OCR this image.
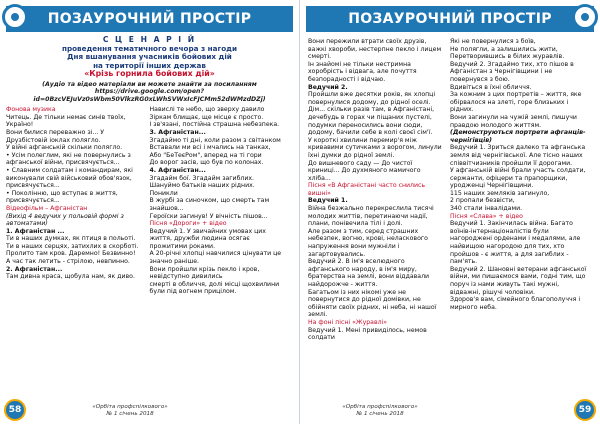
ПОЗАУРОЧНИЙ ПРОСТІР
С Ц Е Н А Р І Й
проведення тематичного вечора з нагоди
Дня вшанування учасників бойових дій
на території інших держав
«Крізь горнила бойових дій»
(Аудіо та відео матеріали ви можете знайти за посиланням
https://drive.google.com/open?id=0BzcVEJuVz0sWbm50VlkzRG0xLWhSVWxIcFJCMm52dWMzdDZj)

Фонова музика

Читець. Де тільки немає синів твоїх, Україно!

Вони билися переважно зі... У Друзбістовій іоклах полягло.

У війні афганській скільки полягло.

• Усім полеглим, які не повернулись з афганської війни, присвячується...

• Славним солдатам і командирам, які виконували свій військовий обов'язок, присвячується...

• Поколінню, що вступає в життя, присвячується...

Відеофільм – Афганістан

(Вихід 4 ведучих у польовій формі з автоматами)

1. Афганістан ...

Ти в наших думках, як птиця в польоті.

Ти в наших серцях, затихлих в скорботі.

Пролито там кров. Даремно! Безвинно!

А час так летить - стрілою, невпинно.

2. Афганістан...

Там дивна краса, щобула нам, як диво.

Навислі те небо, що зверху давило

Зіркам блищає, ще місце є просто.

І зв'язані, постійна страшна небезпека.

3. Афганістан...

Згадаймо ті дні, коли разом з світанком

Вставали ми всі і мчались на танках,

Або "БеТеєРом", вперед на ті гори

До ворог засів, що був по колонах.

4. Афганістан...

Згадайм бої. Згадайм загиблих.

Шануймо батьків наших рідних.

Поникли

В журбі за синочком, що смерть там знайшов...

Героїски загинув! У вічність пішов...

Пісня «Дороги» + відео

Ведучий 1. У звичайних умовах цих життя, дружби людина осягає прожитими роками.

А 20-річні хлопці навчилися цінувати це значно раніше.

Вони пройшли крізь пекло і кров, невідступно дивились

смерті в обличчя, долі місці щохвилини були під вогнем прицілом.

58	«Орбіта профспілкового»
№ 1 січень 2018
ПОЗАУРОЧНИЙ ПРОСТІР

Вони пережили втрати своїх друзів, важкі хвороби, нестерпне пекло і лицем смерті.

Ін знайомі не тільки нестримна хоробрість і відвага, але почуття безпорадності і відчаю.

Ведучий 2.

Пройшли вже десятки років, як хлопці повернулися додому, до рідної оселі.

Дім... скільки разів там, в Афганістані, дечебудь в горах чи піщаних пустелі, подумки переносились вони сюди, додому, бачили себе в колі своєї сім'ї.

У короткі хвилини перемир'я між кривавими сутичками з ворогом, линули їхні думки до рідної землі.

До вишневого саду — До чистої криниці... До духмяного мамичого хліба...

Пісня «В Афганістані часто снились вишні»

Ведучий 1.

Війна безжально перекреслила тисячі молодих життів, перетинаючи надії, плани, понівечила тілі і долі.

Але разом з тим, серед страшних небезпек, вогню, крові, неласкового напруження вони мужніли і загартовувались.

Ведучий 2. В ім'я вселюдного афганського народу, в ім'я миру, братерства на землі, вони віддавали найдорожче - життя.

Багатьом із них нікомі уже не повернутися до рідної домівки, не обійняти своїх рідних, ні неба, ні нашої землі.

На фоні пісні «Журавлі»

Ведучий 1. Мені привиділось, немов солдати

Які не повернулися з боїв,

Не полягли, а залишились жити,

Перетворившись в білих журавлів.

Ведучий 2. Згадаймо тих, хто пішов в Афганістан з Чернігівщини і не повернувся з бою.

Вдивіться в їхні обличчя.

За кожним з цих портретів – життя, яке обірвалося на злеті, горе близьких і рідних.

Вони загинули на чужій землі, пишучи правдою молодого життям.

(Демонструються портрети афганців-чернігівців)

Ведучий 1. Зриться далеко та афганська земля від чернігівської. Але тісно наших співвітчизників пройшли її дорогами.

У афганській війні брали участь солдати, сержанти, офіцери та прапорщики, уродженці Чернігівщини.

115 наших земляків загинуло,

2 пропали безвісти,

340 стали інвалідами.

Пісня «Слава» + відео

Ведучий 1. Закінчилась війна. Багато воїнів-інтернаціоналістів були нагороджені орденами і медалями, але найвищою нагородою для тих, хто пройшов - є життя, а для загиблих - пам'ять.

Ведучий 2. Шановні ветерани афганської війни, ми пишаємося вами, годні тим, що поруч із нами живуть такі мужні, відважні, рішучі чоловіки.

Здоров'я вам, сімейного благополуччя і мирного неба.

«Орбіта профспілкового»
№ 1 січень 2018	59
